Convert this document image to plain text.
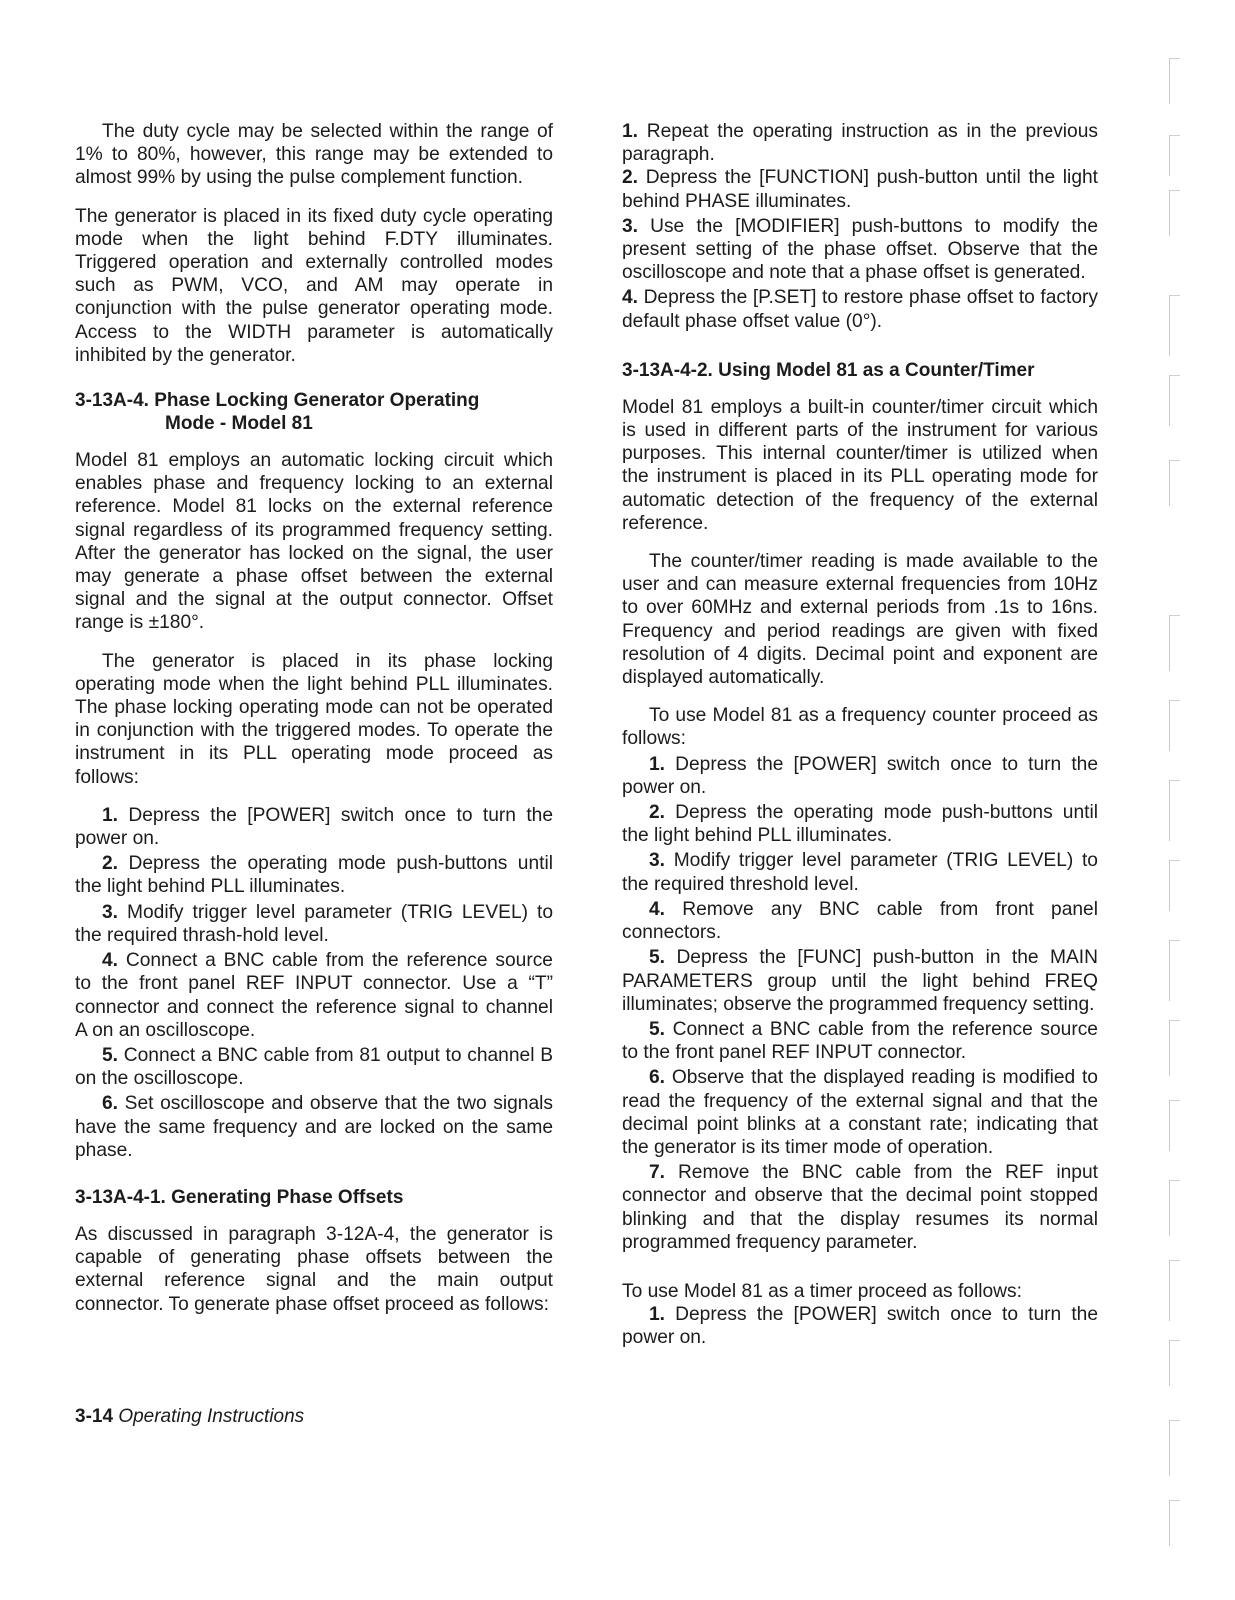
The duty cycle may be selected within the range of 1% to 80%, however, this range may be extended to almost 99% by using the pulse complement function.

The generator is placed in its fixed duty cycle operating mode when the light behind F.DTY illuminates. Triggered operation and externally controlled modes such as PWM, VCO, and AM may operate in conjunction with the pulse generator operating mode. Access to the WIDTH parameter is automatically inhibited by the generator.

3-13A-4. Phase Locking Generator Operating
Mode - Model 81

Model 81 employs an automatic locking circuit which enables phase and frequency locking to an external reference. Model 81 locks on the external reference signal regardless of its programmed frequency setting. After the generator has locked on the signal, the user may generate a phase offset between the external signal and the signal at the output connector. Offset range is ±180°.

The generator is placed in its phase locking operating mode when the light behind PLL illuminates. The phase locking operating mode can not be operated in conjunction with the triggered modes. To operate the instrument in its PLL operating mode proceed as follows:

1. Depress the [POWER] switch once to turn the power on.

2. Depress the operating mode push-buttons until the light behind PLL illuminates.

3. Modify trigger level parameter (TRIG LEVEL) to the required thrash-hold level.

4. Connect a BNC cable from the reference source to the front panel REF INPUT connector. Use a “T” connector and connect the reference signal to channel A on an oscilloscope.

5. Connect a BNC cable from 81 output to channel B on the oscilloscope.

6. Set oscilloscope and observe that the two signals have the same frequency and are locked on the same phase.

3-13A-4-1. Generating Phase Offsets

As discussed in paragraph 3-12A-4, the generator is capable of generating phase offsets between the external reference signal and the main output connector. To generate phase offset proceed as follows:

1. Repeat the operating instruction as in the previous paragraph.

2. Depress the [FUNCTION] push-button until the light behind PHASE illuminates.

3. Use the [MODIFIER] push-buttons to modify the present setting of the phase offset. Observe that the oscilloscope and note that a phase offset is generated.

4. Depress the [P.SET] to restore phase offset to factory default phase offset value (0°).

3-13A-4-2. Using Model 81 as a Counter/Timer

Model 81 employs a built-in counter/timer circuit which is used in different parts of the instrument for various purposes. This internal counter/timer is utilized when the instrument is placed in its PLL operating mode for automatic detection of the frequency of the external reference.

The counter/timer reading is made available to the user and can measure external frequencies from 10Hz to over 60MHz and external periods from .1s to 16ns. Frequency and period readings are given with fixed resolution of 4 digits. Decimal point and exponent are displayed automatically.

To use Model 81 as a frequency counter proceed as follows:

1. Depress the [POWER] switch once to turn the power on.

2. Depress the operating mode push-buttons until the light behind PLL illuminates.

3. Modify trigger level parameter (TRIG LEVEL) to the required threshold level.

4. Remove any BNC cable from front panel connectors.

5. Depress the [FUNC] push-button in the MAIN PARAMETERS group until the light behind FREQ illuminates; observe the programmed frequency setting.

5. Connect a BNC cable from the reference source to the front panel REF INPUT connector.

6. Observe that the displayed reading is modified to read the frequency of the external signal and that the decimal point blinks at a constant rate; indicating that the generator is its timer mode of operation.

7. Remove the BNC cable from the REF input connector and observe that the decimal point stopped blinking and that the display resumes its normal programmed frequency parameter.

To use Model 81 as a timer proceed as follows:

1. Depress the [POWER] switch once to turn the power on.

3-14 Operating Instructions
